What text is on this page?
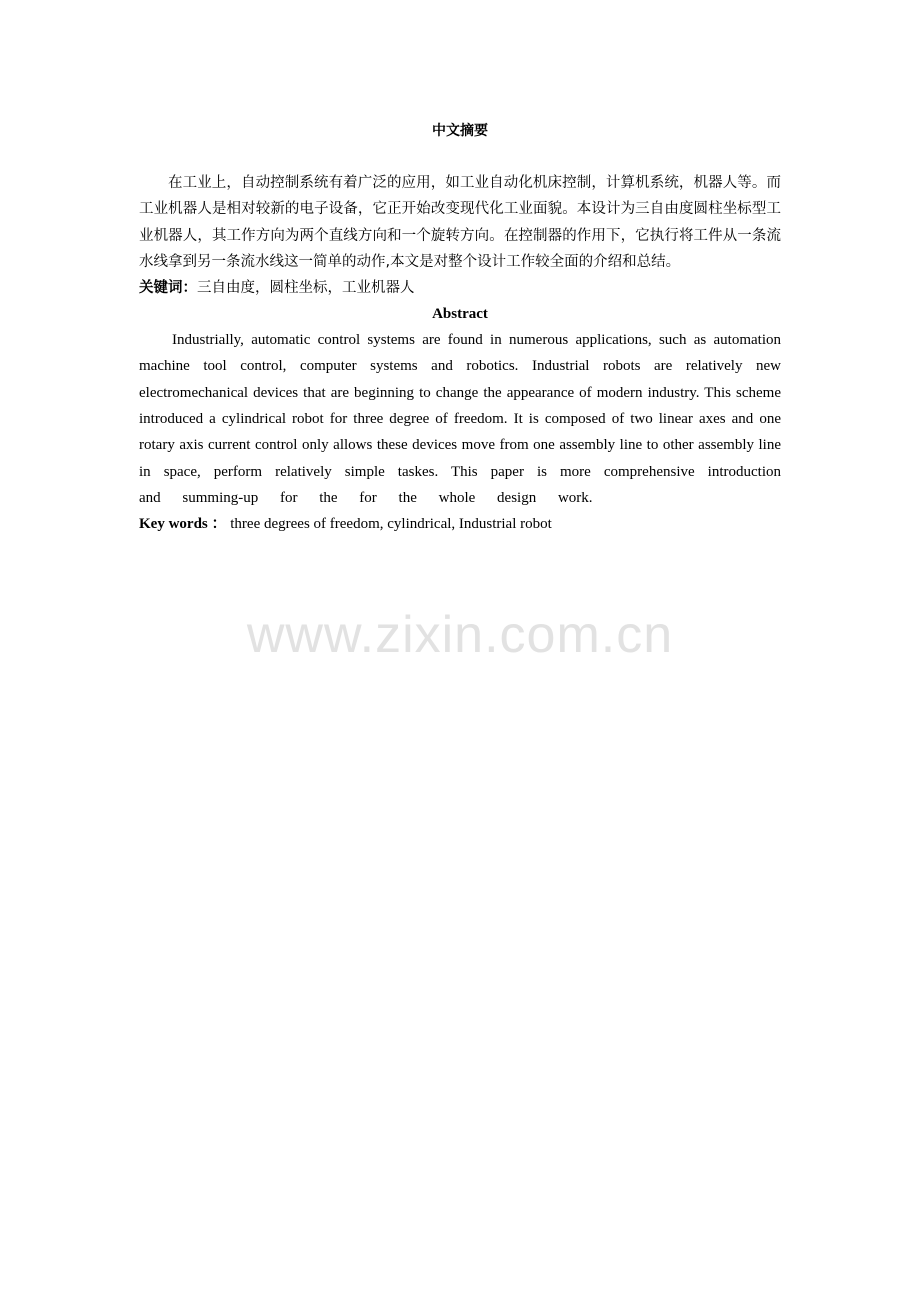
中文摘要

在工业上，自动控制系统有着广泛的应用，如工业自动化机床控制，计算机系统，机器人等。而工业机器人是相对较新的电子设备，它正开始改变现代化工业面貌。本设计为三自由度圆柱坐标型工业机器人，其工作方向为两个直线方向和一个旋转方向。在控制器的作用下，它执行将工件从一条流水线拿到另一条流水线这一简单的动作,本文是对整个设计工作较全面的介绍和总结。

关键词：三自由度，圆柱坐标，工业机器人

Abstract

Industrially, automatic control systems are found in numerous applications, such as automation machine tool control, computer systems and robotics. Industrial robots are relatively new electromechanical devices that are beginning to change the appearance of modern industry. This scheme introduced a cylindrical robot for three degree of freedom. It is composed of two linear axes and one rotary axis current control only allows these devices move from one assembly line to other assembly line in space, perform relatively simple taskes. This paper is more comprehensive introduction

and summing-up for the for the whole design work.

Key words ： three degrees of freedom, cylindrical, Industrial robot

www.zixin.com.cn
